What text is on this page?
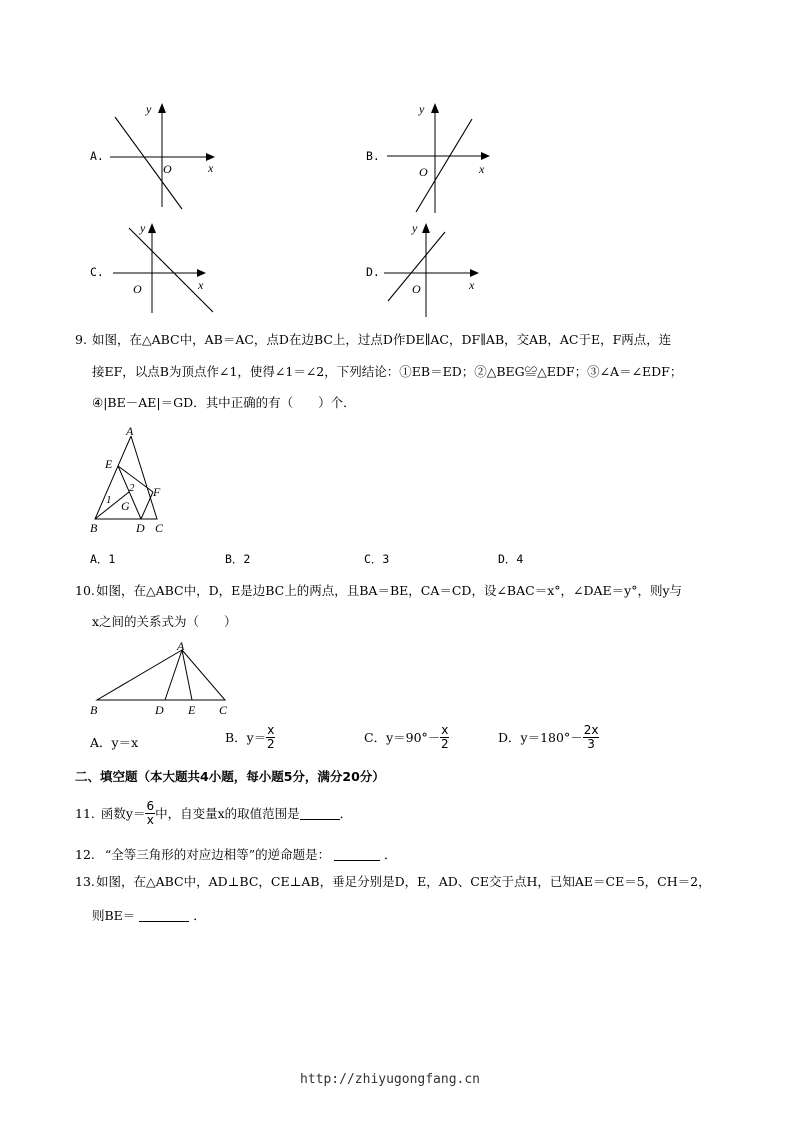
A.
y
x
O
B.
y
x
O
C.
y
x
O
D.
y
x
O
9. 如图，在△ABC中，AB＝AC，点D在边BC上，过点D作DE∥AC，DF∥AB，交AB，AC于E，F两点，连
接EF，以点B为顶点作∠1，使得∠1＝∠2，下列结论：①EB＝ED；②△BEG≌△EDF；③∠A＝∠EDF；
④|BE－AE|＝GD．其中正确的有（　　）个．
A
E
F
B	D C
G
1
2
A．1	B．2	C．3	D．4
10. 如图，在△ABC中，D，E是边BC上的两点，且BA＝BE，CA＝CD，设∠BAC＝x°，∠DAE＝y°，则y与
x之间的关系式为（　　）
A
B	D E C
A．y＝x	B．$y= \frac{x}{2}$	C．$y=90^\circ- \frac{x}{2}$	D．$y=180^\circ- \frac{2x}{3}$
二、填空题（本大题共4小题，每小题5分，满分20分）
11. 函数$y= \frac{6}{x}$ 中，自变量x的取值范围是	．
12. “全等三角形的对应边相等”的逆命题是：	．
13. 如图，在△ABC中，AD⊥BC，CE⊥AB，垂足分别是D，E，AD、CE交于点H，已知AE＝CE＝5，CH＝2，
则BE＝	．
http://zhiyugongfang.cn
